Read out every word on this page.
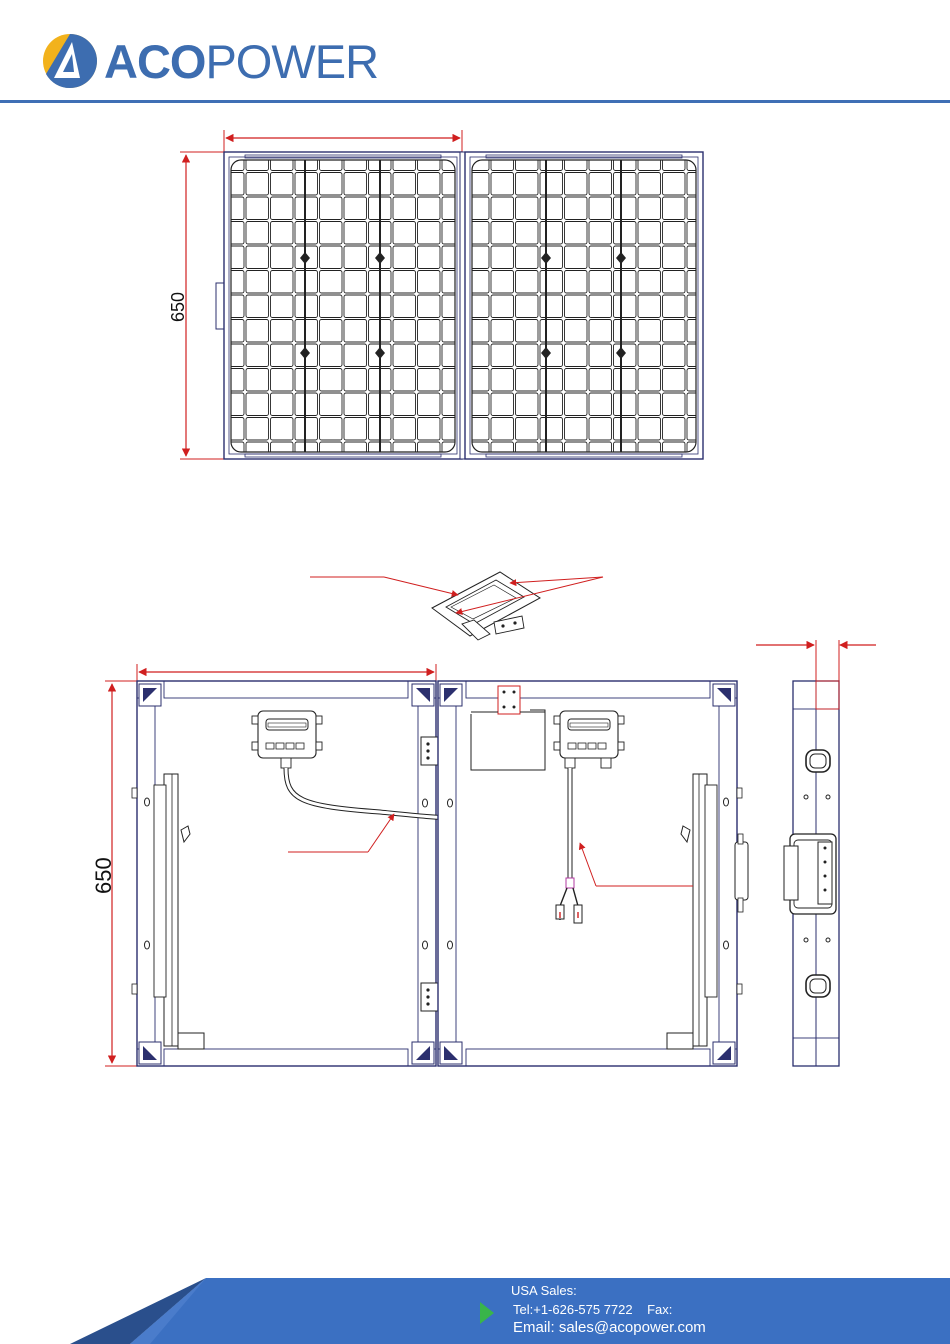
ACOPOWER
650
650
USA Sales:
Tel:+1-626-575 7722    Fax:
Email: sales@acopower.com
